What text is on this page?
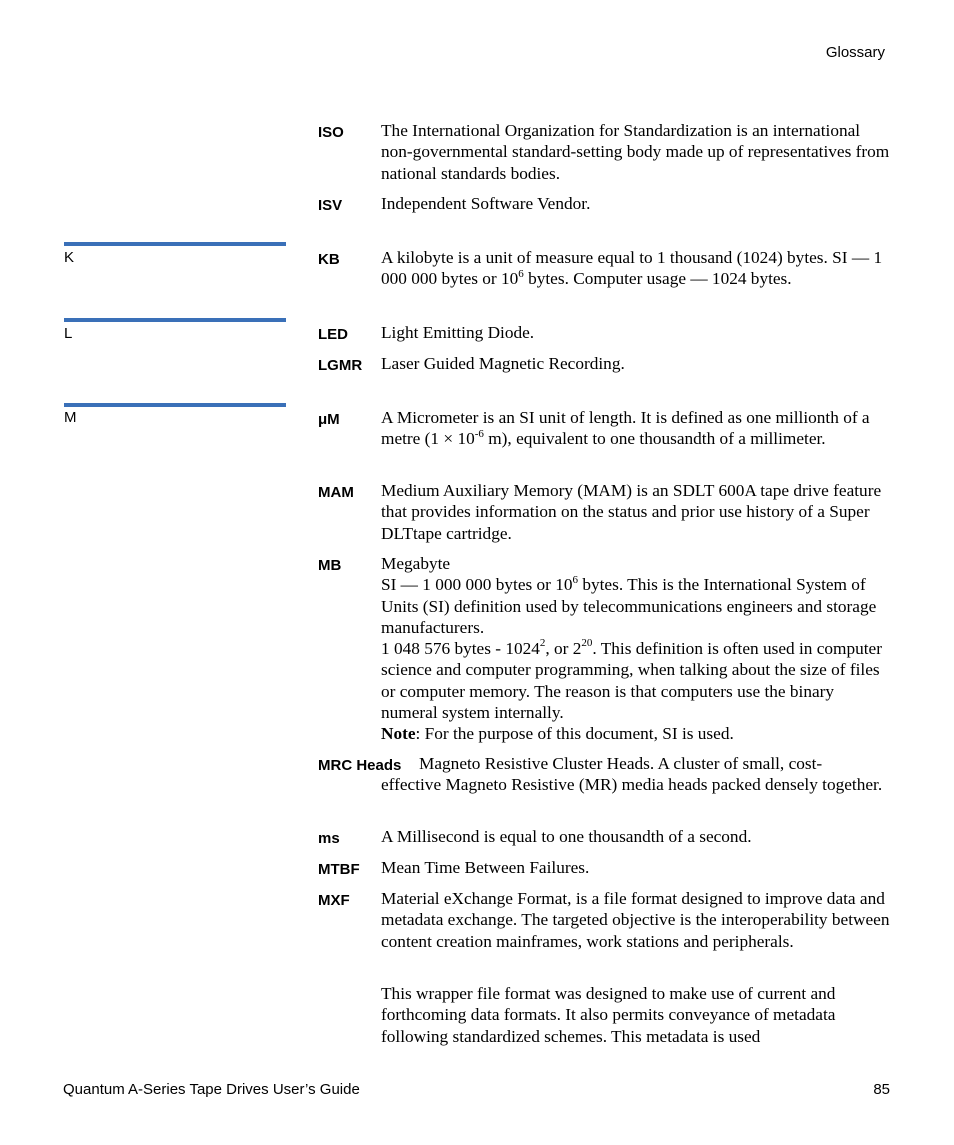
Glossary
K
L
M
ISO The International Organization for Standardization is an international non-governmental standard-setting body made up of representatives from national standards bodies.

ISV Independent Software Vendor.

KB A kilobyte is a unit of measure equal to 1 thousand (1024) bytes. SI — 1 000 000 bytes or $10^6$ bytes. Computer usage — 1024 bytes.

LED Light Emitting Diode.

LGMR Laser Guided Magnetic Recording.

μM A Micrometer is an SI unit of length. It is defined as one millionth of a metre ($1 \times 10^{-6}$ m), equivalent to one thousandth of a millimeter.

MAM Medium Auxiliary Memory (MAM) is an SDLT 600A tape drive feature that provides information on the status and prior use history of a Super DLTtape cartridge.

MB Megabyte

SI — 1 000 000 bytes or $10^6$ bytes. This is the International System of Units (SI) definition used by telecommunications engineers and storage manufacturers.

1 048 576 bytes - 1024$^2$, or $2^{20}$. This definition is often used in computer science and computer programming, when talking about the size of files or computer memory. The reason is that computers use the binary numeral system internally.

Note: For the purpose of this document, SI is used.

MRC Heads Magneto Resistive Cluster Heads. A cluster of small, cost-

effective Magneto Resistive (MR) media heads packed densely together.

ms A Millisecond is equal to one thousandth of a second.

MTBF Mean Time Between Failures.

MXF Material eXchange Format, is a file format designed to improve data and metadata exchange. The targeted objective is the interoperability between content creation mainframes, work stations and peripherals.

This wrapper file format was designed to make use of current and forthcoming data formats. It also permits conveyance of metadata following standardized schemes. This metadata is used

Quantum A-Series Tape Drives User’s Guide	85
